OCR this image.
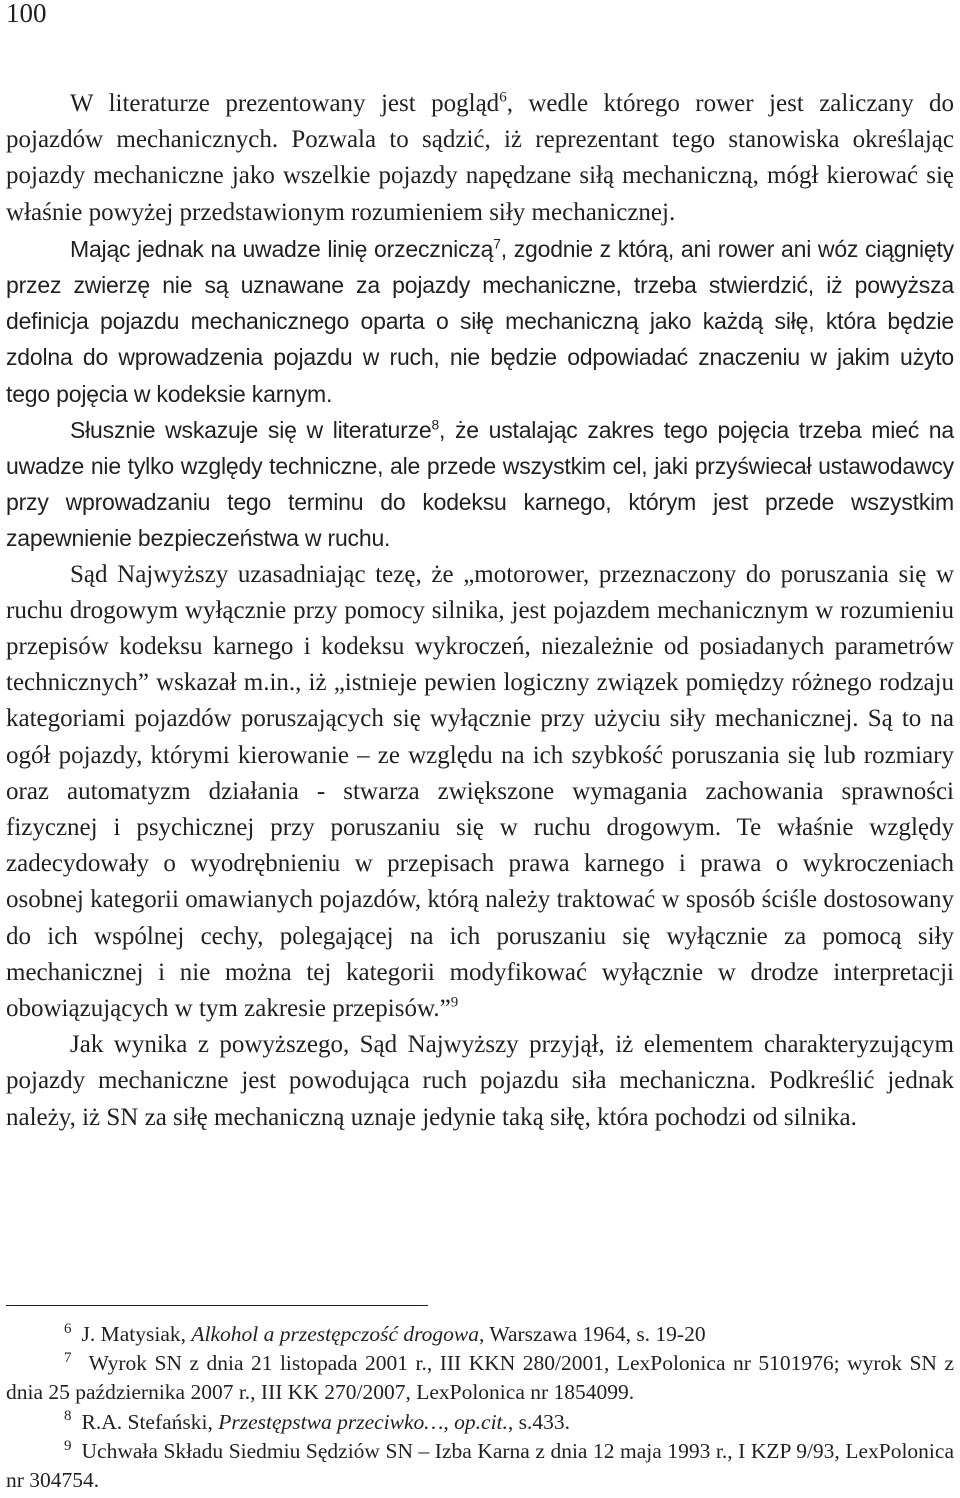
100

W literaturze prezentowany jest pogląd$^6$, wedle którego rower jest zaliczany do pojazdów mechanicznych. Pozwala to sądzić, iż reprezentant tego stanowiska określając pojazdy mechaniczne jako wszelkie pojazdy napędzane siłą mechaniczną, mógł kierować się właśnie powyżej przedstawionym rozumieniem siły mechanicznej.

Mając jednak na uwadze linię orzeczniczą$^7$, zgodnie z którą, ani rower ani wóz ciągnięty przez zwierzę nie są uznawane za pojazdy mechaniczne, trzeba stwierdzić, iż powyższa definicja pojazdu mechanicznego oparta o siłę mechaniczną jako każdą siłę, która będzie zdolna do wprowadzenia pojazdu w ruch, nie będzie odpowiadać znaczeniu w jakim użyto tego pojęcia w kodeksie karnym.

Słusznie wskazuje się w literaturze$^8$, że ustalając zakres tego pojęcia trzeba mieć na uwadze nie tylko względy techniczne, ale przede wszystkim cel, jaki przyświecał ustawodawcy przy wprowadzaniu tego terminu do kodeksu karnego, którym jest przede wszystkim zapewnienie bezpieczeństwa w ruchu.

Sąd Najwyższy uzasadniając tezę, że „motorower, przeznaczony do poruszania się w ruchu drogowym wyłącznie przy pomocy silnika, jest pojazdem mechanicznym w rozumieniu przepisów kodeksu karnego i kodeksu wykroczeń, niezależnie od posiadanych parametrów technicznych” wskazał m.in., iż „istnieje pewien logiczny związek pomiędzy różnego rodzaju kategoriami pojazdów poruszających się wyłącznie przy użyciu siły mechanicznej. Są to na ogół pojazdy, którymi kierowanie – ze względu na ich szybkość poruszania się lub rozmiary oraz automatyzm działania - stwarza zwiększone wymagania zachowania sprawności fizycznej i psychicznej przy poruszaniu się w ruchu drogowym. Te właśnie względy zadecydowały o wyodrębnieniu w przepisach prawa karnego i prawa o wykroczeniach osobnej kategorii omawianych pojazdów, którą należy traktować w sposób ściśle dostosowany do ich wspólnej cechy, polegającej na ich poruszaniu się wyłącznie za pomocą siły mechanicznej i nie można tej kategorii modyfikować wyłącznie w drodze interpretacji obowiązujących w tym zakresie przepisów.”$^9$

Jak wynika z powyższego, Sąd Najwyższy przyjął, iż elementem charakteryzującym pojazdy mechaniczne jest powodująca ruch pojazdu siła mechaniczna. Podkreślić jednak należy, iż SN za siłę mechaniczną uznaje jedynie taką siłę, która pochodzi od silnika.

$^6$ J. Matysiak, Alkohol a przestępczość drogowa, Warszawa 1964, s. 19-20

$^7$ Wyrok SN z dnia 21 listopada 2001 r., III KKN 280/2001, LexPolonica nr 5101976; wyrok SN z dnia 25 października 2007 r., III KK 270/2007, LexPolonica nr 1854099.

$^8$ R.A. Stefański, Przestępstwa przeciwko…, op.cit., s.433.

$^9$ Uchwała Składu Siedmiu Sędziów SN – Izba Karna z dnia 12 maja 1993 r., I KZP 9/93, LexPolonica nr 304754.
